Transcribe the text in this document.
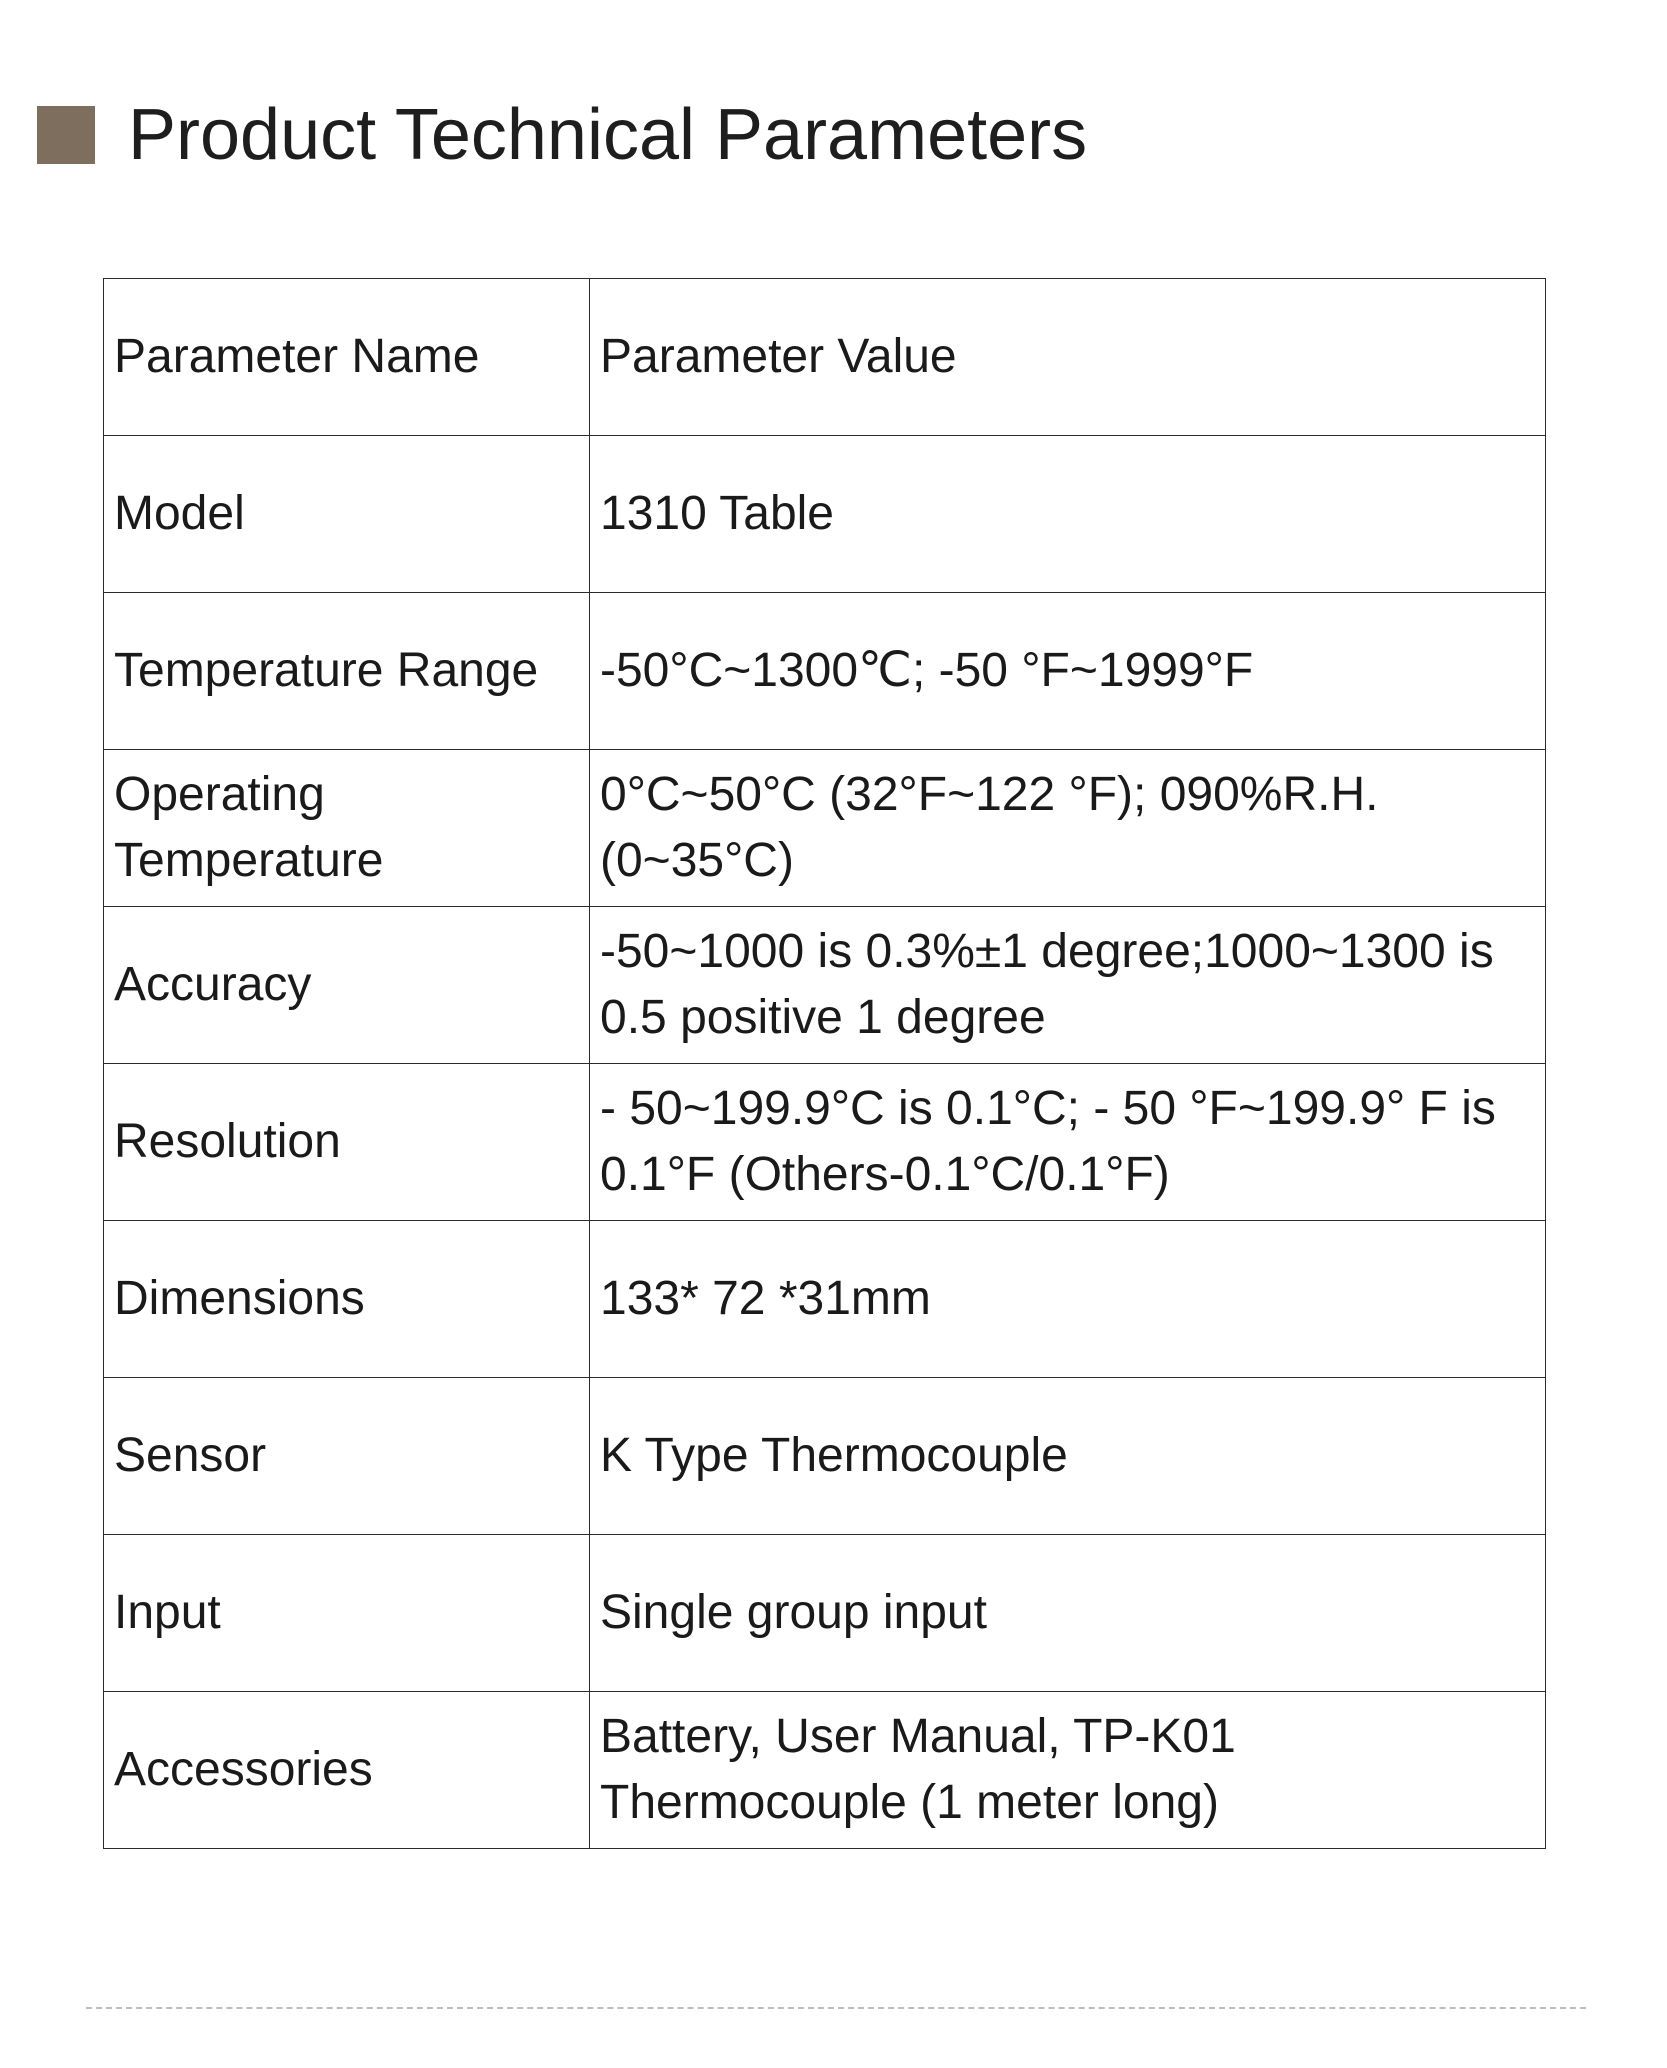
Product Technical Parameters
Parameter Name	Parameter Value
Model	1310 Table
Temperature Range	-50°C~1300℃; -50 °F~1999°F
Operating Temperature	0°C~50°C (32°F~122 °F); 090%R.H. (0~35°C)
Accuracy	-50~1000 is 0.3%±1 degree;1000~1300 is 0.5 positive 1 degree
Resolution	- 50~199.9°C is 0.1°C; - 50 °F~199.9° F is 0.1°F (Others-0.1°C/0.1°F)
Dimensions	133* 72 *31mm
Sensor	K Type Thermocouple
Input	Single group input
Accessories	Battery, User Manual, TP-K01 Thermocouple (1 meter long)
